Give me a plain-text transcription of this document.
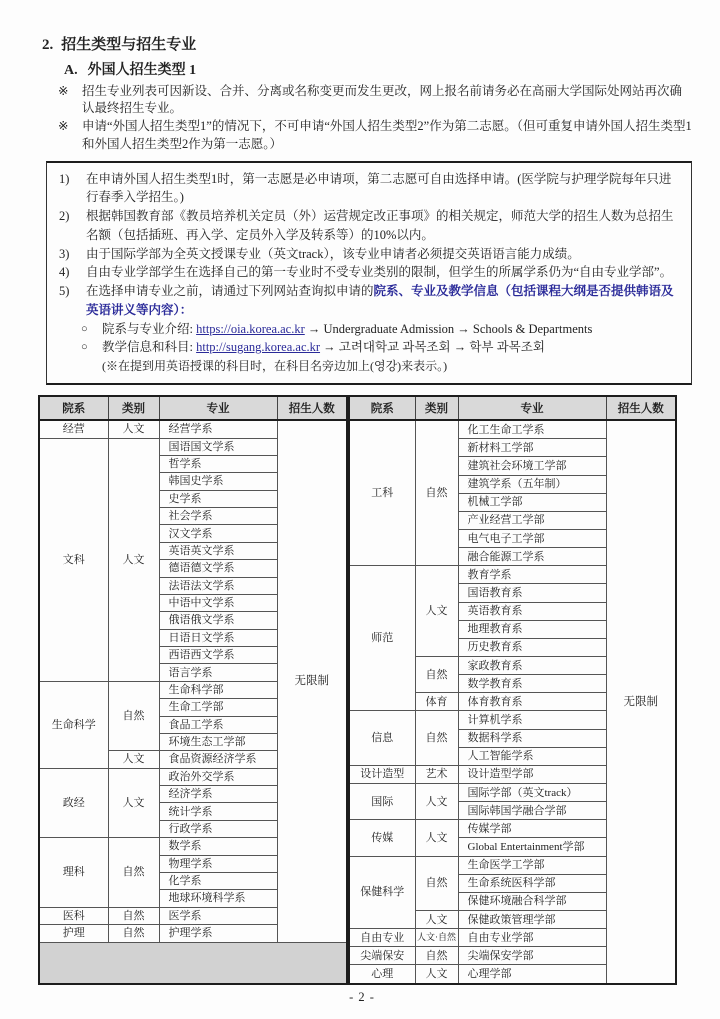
2. 招生类型与招生专业
A. 外国人招生类型 1
※	招生专业列表可因新设、合并、分离或名称变更而发生更改，网上报名前请务必在高丽大学国际处网站再次确认最终招生专业。
※	申请“外国人招生类型1”的情况下，不可申请“外国人招生类型2”作为第二志愿。（但可重复申请外国人招生类型1和外国人招生类型2作为第一志愿。）
1)	在申请外国人招生类型1时，第一志愿是必申请项，第二志愿可自由选择申请。(医学院与护理学院每年只进行春季入学招生。)
2)	根据韩国教育部《教员培养机关定员（外）运营规定改正事项》的相关规定，师范大学的招生人数为总招生名额（包括插班、再入学、定员外入学及转系等）的10%以内。
3)	由于国际学部为全英文授课专业（英文track），该专业申请者必须提交英语语言能力成绩。
4)	自由专业学部学生在选择自己的第一专业时不受专业类别的限制，但学生的所属学系仍为“自由专业学部”。
5)	在选择申请专业之前，请通过下列网站查询拟申请的院系、专业及教学信息（包括课程大纲是否提供韩语及英语讲义等内容）：
○	院系与专业介绍: https://oia.korea.ac.kr → Undergraduate Admission → Schools & Departments
○	教学信息和科目: http://sugang.korea.ac.kr → 고려대학교 과목조회 → 학부 과목조회
(※在提到用英语授课的科目时，在科目名旁边加上(영강)来表示。)
院系	类别	专业	招生人数
经营	人文	经营学系	无限制
文科	人文	国语国文学系	
		哲学系	
		韩国史学系	
		史学系	
		社会学系	
		汉文学系	
		英语英文学系	
		德语德文学系	
		法语法文学系	
		中语中文学系	
		俄语俄文学系	
		日语日文学系	
		西语西文学系	
		语言学系	
生命科学	自然	生命科学部	
		生命工学部	
		食品工学系	
		环境生态工学部	
	人文	食品资源经济学系	
政经	人文	政治外交学系	
		经济学系	
		统计学系	
		行政学系	
理科	自然	数学系	
		物理学系	
		化学系	
		地球环境科学系	
医科	自然	医学系	
护理	自然	护理学系	

院系	类别	专业	招生人数
工科	自然	化工生命工学系	无限制
		新材料工学部	
		建筑社会环境工学部	
		建筑学系（五年制）	
		机械工学部	
		产业经营工学部	
		电气电子工学部	
		融合能源工学系	
师范	人文	教育学系	
		国语教育系	
		英语教育系	
		地理教育系	
		历史教育系	
	自然	家政教育系	
		数学教育系	
	体育	体育教育系	
信息	自然	计算机学系	
		数据科学系	
		人工智能学系	
设计造型	艺术	设计造型学部	
国际	人文	国际学部（英文track）	
		国际韩国学融合学部	
传媒	人文	传媒学部	
		Global Entertainment学部	
保健科学	自然	生命医学工学部	
		生命系统医科学部	
		保健环境融合科学部	
	人文	保健政策管理学部	
自由专业	人文·自然	自由专业学部	
尖端保安	自然	尖端保安学部	
心理	人文	心理学部	
- 2 -
